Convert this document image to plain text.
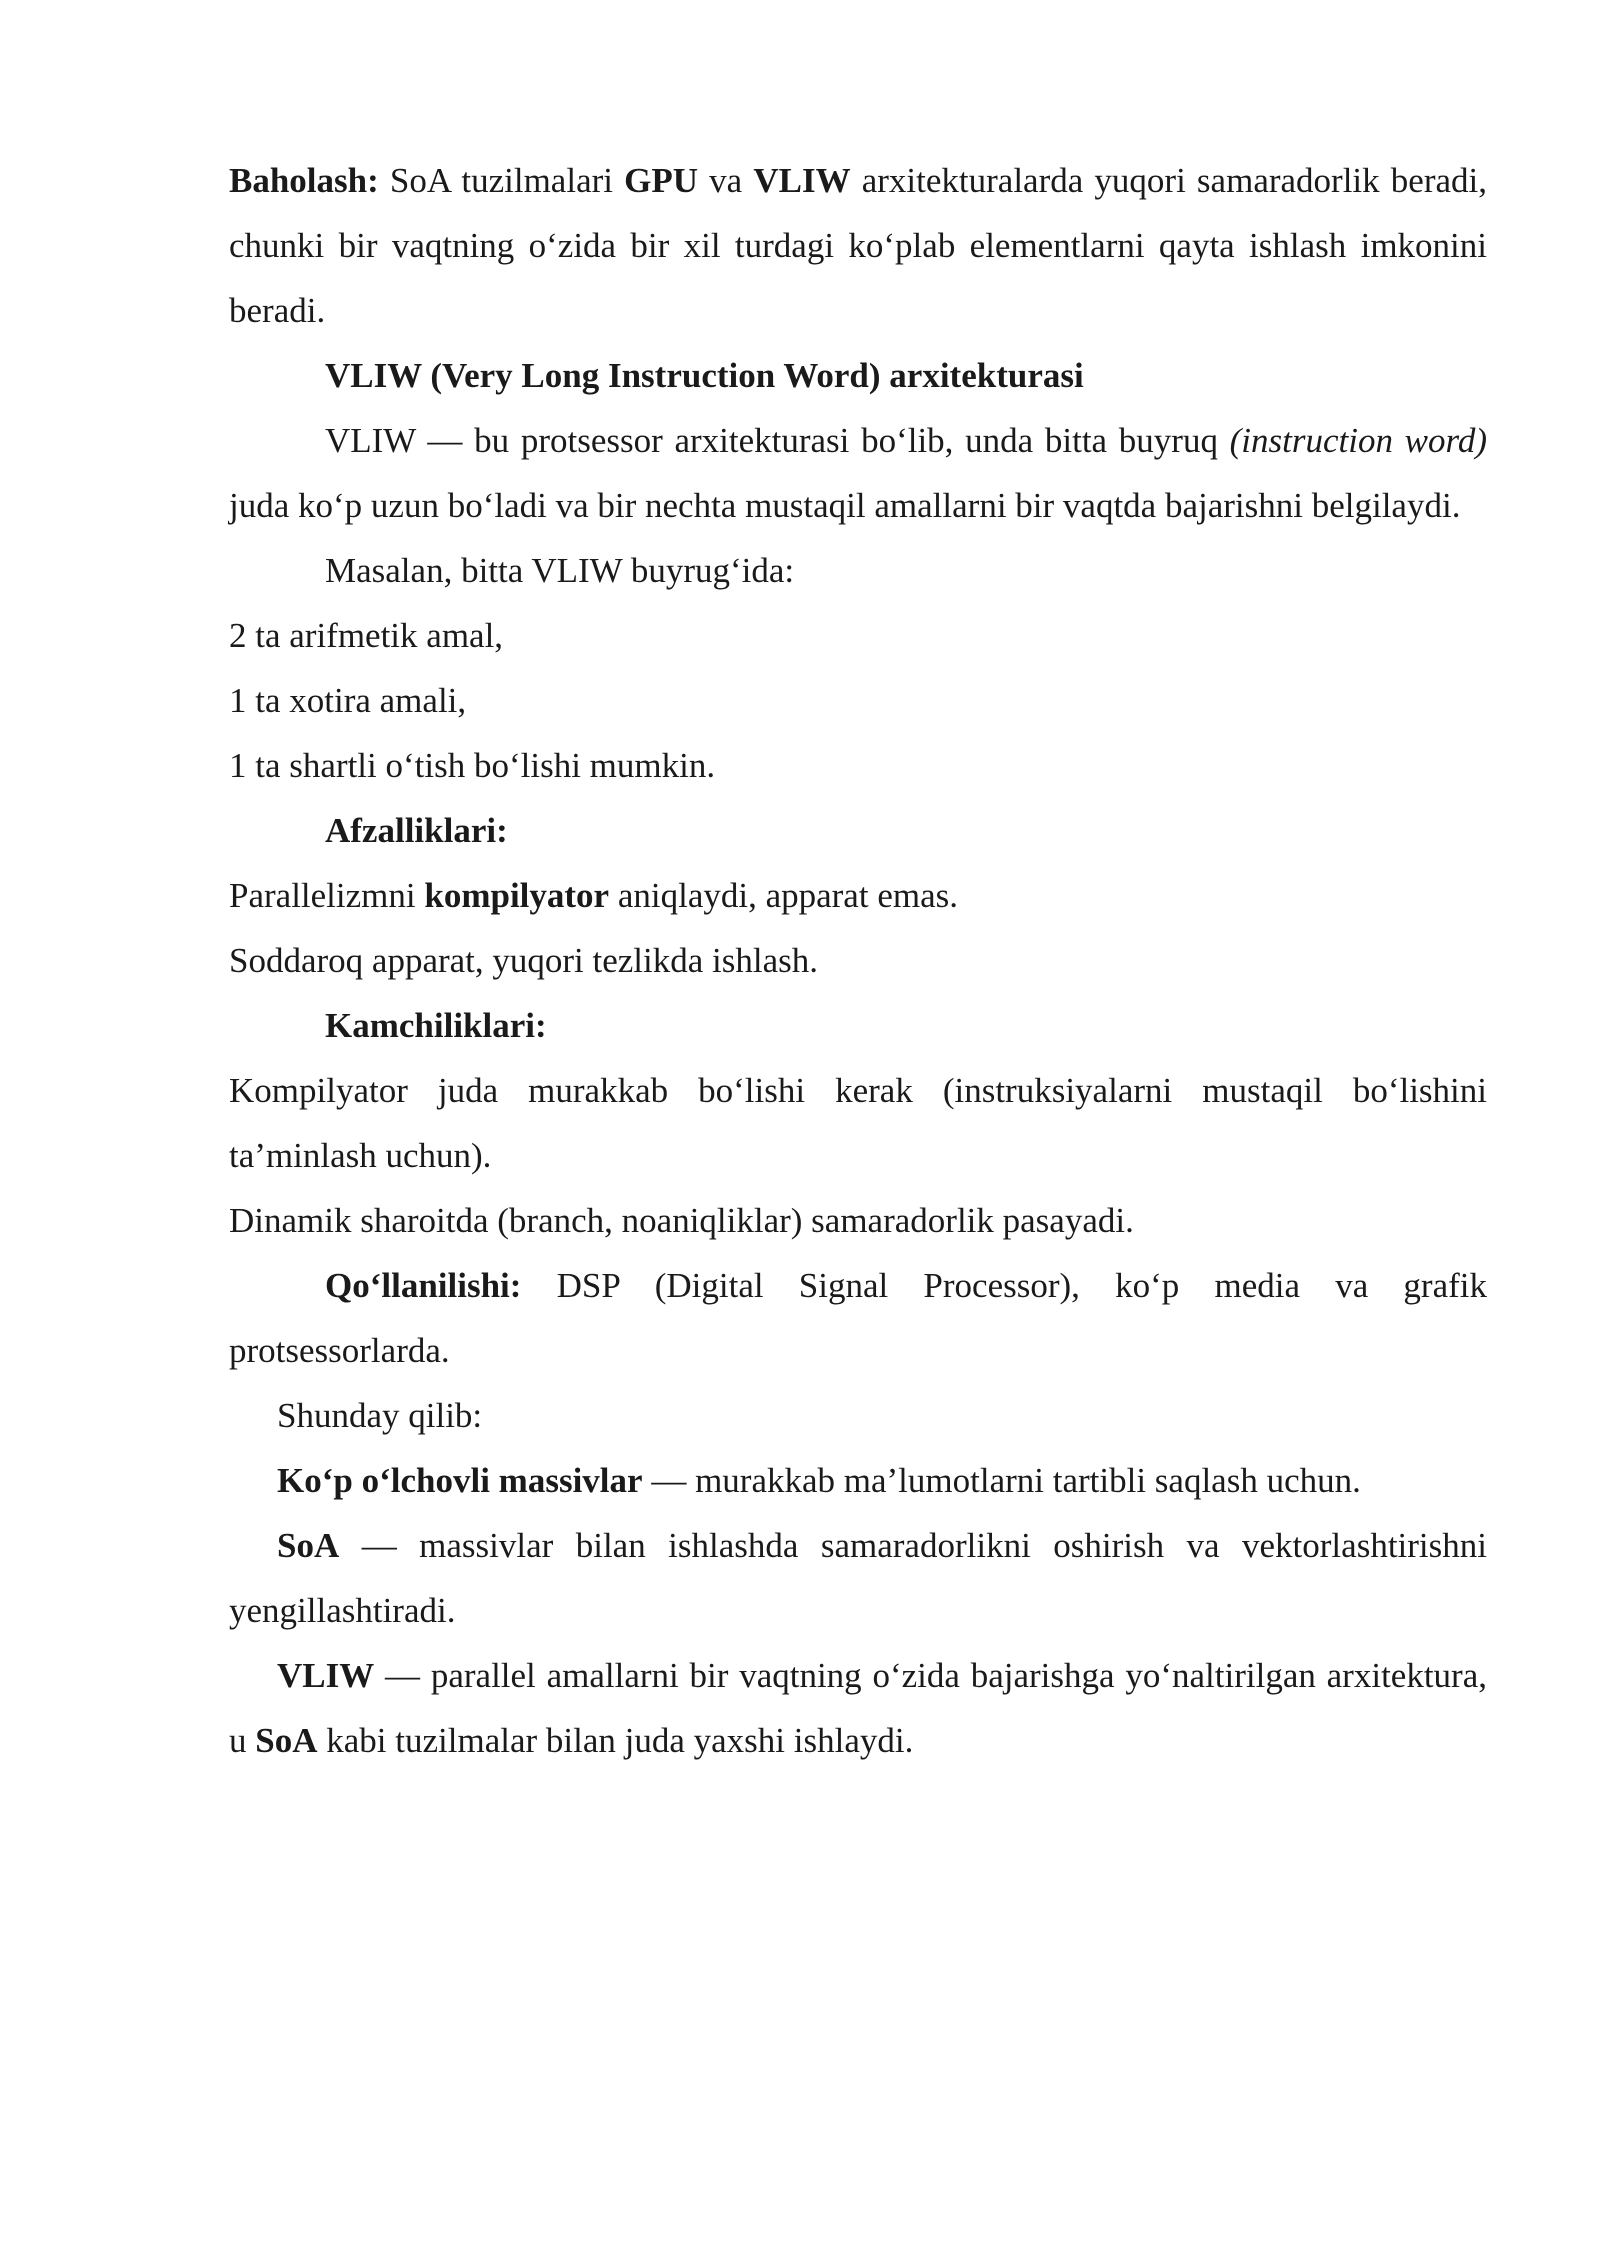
Baholash: SoA tuzilmalari GPU va VLIW arxitekturalarda yuqori samaradorlik beradi, chunki bir vaqtning o‘zida bir xil turdagi ko‘plab elementlarni qayta ishlash imkonini beradi.

VLIW (Very Long Instruction Word) arxitekturasi

VLIW — bu protsessor arxitekturasi bo‘lib, unda bitta buyruq (instruction word) juda ko‘p uzun bo‘ladi va bir nechta mustaqil amallarni bir vaqtda bajarishni belgilaydi.

Masalan, bitta VLIW buyrug‘ida:

2 ta arifmetik amal,

1 ta xotira amali,

1 ta shartli o‘tish bo‘lishi mumkin.

Afzalliklari:

Parallelizmni kompilyator aniqlaydi, apparat emas.

Soddaroq apparat, yuqori tezlikda ishlash.

Kamchiliklari:

Kompilyator juda murakkab bo‘lishi kerak (instruksiyalarni mustaqil bo‘lishini ta’minlash uchun).

Dinamik sharoitda (branch, noaniqliklar) samaradorlik pasayadi.

Qo‘llanilishi: DSP (Digital Signal Processor), ko‘p media va grafik protsessorlarda.

Shunday qilib:

Ko‘p o‘lchovli massivlar — murakkab ma’lumotlarni tartibli saqlash uchun.

SoA — massivlar bilan ishlashda samaradorlikni oshirish va vektorlashtirishni yengillashtiradi.

VLIW — parallel amallarni bir vaqtning o‘zida bajarishga yo‘naltirilgan arxitektura, u SoA kabi tuzilmalar bilan juda yaxshi ishlaydi.
